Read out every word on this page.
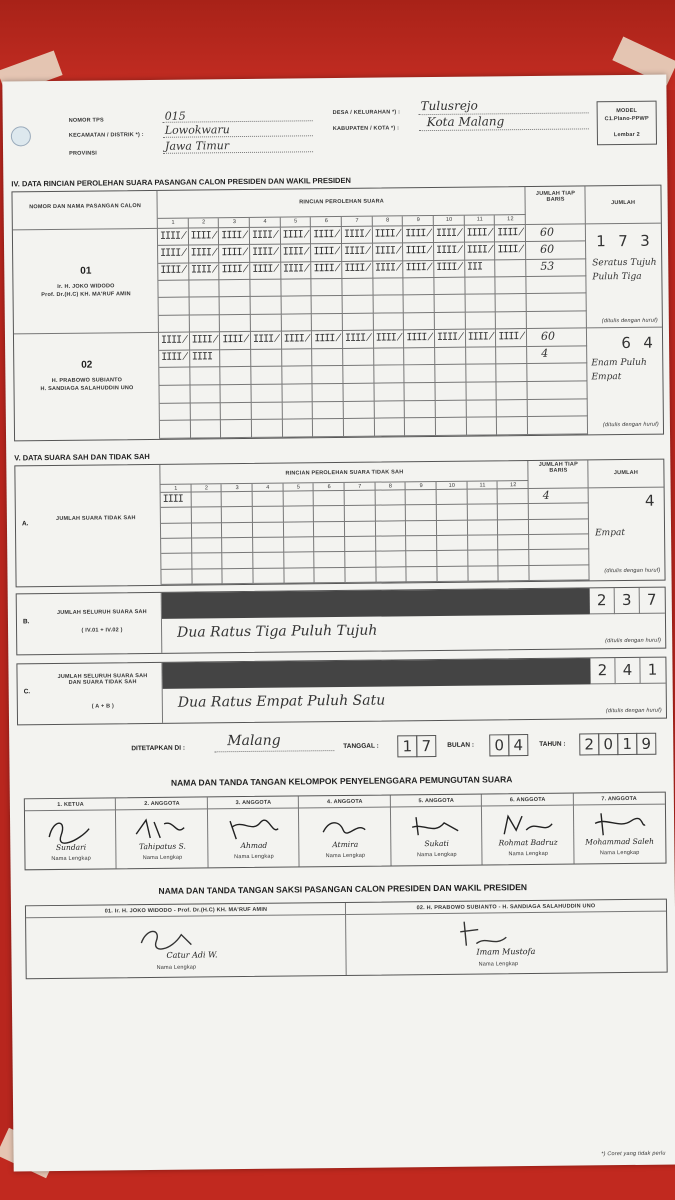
NOMOR TPS	015
KECAMATAN / DISTRIK *) : Lowokwaru
PROVINSI
Jawa Timur
DESA / KELURAHAN *) : Tulusrejo
KABUPATEN / KOTA *) : Kota Malang
MODEL
C1.Plano-PPWP
Lembar 2
IV. DATA RINCIAN PEROLEHAN SUARA PASANGAN CALON PRESIDEN DAN WAKIL PRESIDEN
NOMOR DAN NAMA PASANGAN CALON
RINCIAN PEROLEHAN SUARA
JUMLAH TIAP BARIS
JUMLAH
1	2	3	4	5	6	7	8	9	10	11	12
01
Ir. H. JOKO WIDODO
Prof. Dr.(H.C) KH. MA'RUF AMIN
IIII̸ IIII̸ IIII̸ IIII̸ IIII̸ IIII̸ IIII̸ IIII̸ IIII̸ IIII̸ IIII̸ IIII̸ 60
IIII̸ IIII̸ IIII̸ IIII̸ IIII̸ IIII̸ IIII̸ IIII̸ IIII̸ IIII̸ IIII̸ IIII̸ 60
IIII̸ IIII̸ IIII̸ IIII̸ IIII̸ IIII̸ IIII̸ IIII̸ IIII̸ IIII̸ III	53
1 7 3
Seratus Tujuh
Puluh Tiga
(ditulis dengan huruf)
02
H. PRABOWO SUBIANTO
H. SANDIAGA SALAHUDDIN UNO
IIII̸ IIII̸ IIII̸ IIII̸ IIII̸ IIII̸ IIII̸ IIII̸ IIII̸ IIII̸ IIII̸ IIII̸ 60
IIII̸ IIII	4
6 4
Enam Puluh
Empat
(ditulis dengan huruf)
V. DATA SUARA SAH DAN TIDAK SAH
A.
JUMLAH SUARA TIDAK SAH
RINCIAN PEROLEHAN SUARA TIDAK SAH
JUMLAH TIAP BARIS	JUMLAH
1	2	3	4	5	6	7	8	9	10	11	12
IIII	4	4
Empat
(ditulis dengan huruf)
B.
JUMLAH SELURUH SUARA SAH
( IV.01 + IV.02 )
2 3 7
Dua Ratus Tiga Puluh Tujuh
(ditulis dengan huruf)
C.
JUMLAH SELURUH SUARA SAH DAN SUARA TIDAK SAH
( A + B )
2 4 1
Dua Ratus Empat Puluh Satu
(ditulis dengan huruf)
DITETAPKAN DI :	Malang	TANGGAL : 1 7	BULAN : 0 4	TAHUN : 2 0 1 9
NAMA DAN TANDA TANGAN KELOMPOK PENYELENGGARA PEMUNGUTAN SUARA
1. KETUA
Sundari
Nama Lengkap
2. ANGGOTA
Tahipatus S.
Nama Lengkap
3. ANGGOTA
Ahmad
Nama Lengkap
4. ANGGOTA
Atmira
Nama Lengkap
5. ANGGOTA
Sukati
Nama Lengkap
6. ANGGOTA
Rohmat Badruz
Nama Lengkap
7. ANGGOTA
Mohammad Saleh
Nama Lengkap
NAMA DAN TANDA TANGAN SAKSI PASANGAN CALON PRESIDEN DAN WAKIL PRESIDEN
01. Ir. H. JOKO WIDODO - Prof. Dr.(H.C) KH. MA'RUF AMIN	02. H. PRABOWO SUBIANTO - H. SANDIAGA SALAHUDDIN UNO
Catur Adi W.
Nama Lengkap
Imam Mustofa
Nama Lengkap
*) Coret yang tidak perlu
